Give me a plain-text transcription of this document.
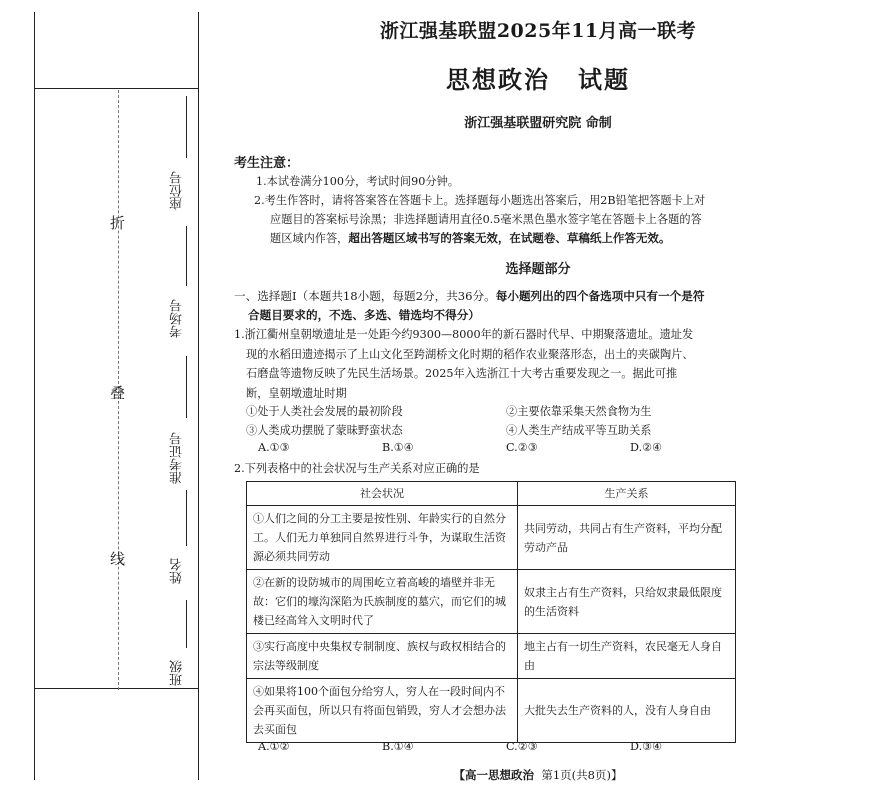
折
叠
线
座位号
考场号
准考证号
姓名
班级
浙江强基联盟2025年11月高一联考
思想政治 试题
浙江强基联盟研究院 命制
考生注意：
1.本试卷满分100分，考试时间90分钟。
2.考生作答时，请将答案答在答题卡上。选择题每小题选出答案后，用2B铅笔把答题卡上对
应题目的答案标号涂黑；非选择题请用直径0.5毫米黑色墨水签字笔在答题卡上各题的答
题区域内作答，超出答题区域书写的答案无效，在试题卷、草稿纸上作答无效。
选择题部分
一、选择题Ⅰ（本题共18小题，每题2分，共36分。每小题列出的四个备选项中只有一个是符
合题目要求的，不选、多选、错选均不得分）
1.浙江衢州皇朝墩遗址是一处距今约9300—8000年的新石器时代早、中期聚落遗址。遗址发
现的水稻田遗迹揭示了上山文化至跨湖桥文化时期的稻作农业聚落形态，出土的夹碳陶片、
石磨盘等遗物反映了先民生活场景。2025年入选浙江十大考古重要发现之一。据此可推
断，皇朝墩遗址时期
①处于人类社会发展的最初阶段	②主要依靠采集天然食物为生
③人类成功摆脱了蒙昧野蛮状态	④人类生产结成平等互助关系
A.①③	B.①④	C.②③	D.②④
2.下列表格中的社会状况与生产关系对应正确的是
社会状况	生产关系
①人们之间的分工主要是按性别、年龄实行的自然分工。人们无力单独同自然界进行斗争，为谋取生活资源必须共同劳动	共同劳动，共同占有生产资料，平均分配劳动产品
②在新的设防城市的周围屹立着高峻的墙壁并非无故：它们的壕沟深陷为氏族制度的墓穴，而它们的城楼已经高耸入文明时代了	奴隶主占有生产资料，只给奴隶最低限度的生活资料
③实行高度中央集权专制制度、族权与政权相结合的宗法等级制度	地主占有一切生产资料，农民毫无人身自由
④如果将100个面包分给穷人，穷人在一段时间内不会再买面包，所以只有将面包销毁，穷人才会想办法去买面包	大批失去生产资料的人，没有人身自由
A.①②	B.①④	C.②③	D.③④
【高一思想政治 第1页(共8页)】
